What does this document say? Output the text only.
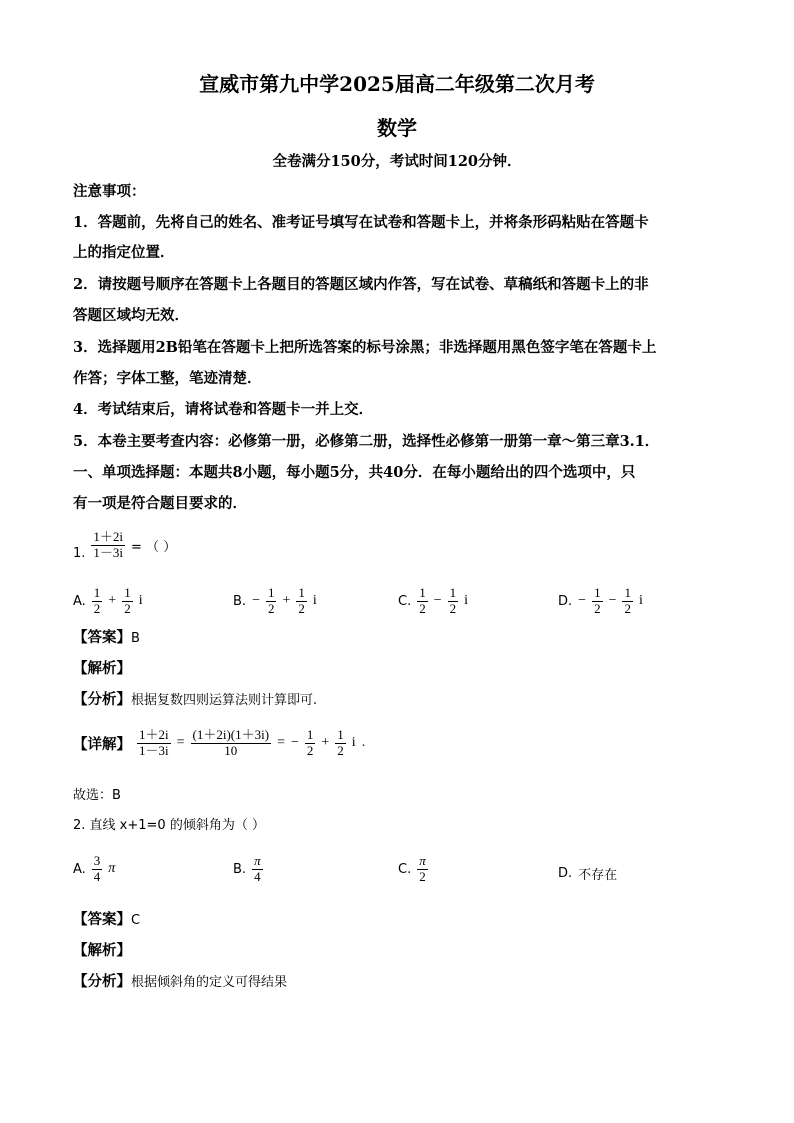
宣威市第九中学2025届高二年级第二次月考
数学
全卷满分150分，考试时间120分钟．
注意事项：
1．答题前，先将自己的姓名、准考证号填写在试卷和答题卡上，并将条形码粘贴在答题卡
上的指定位置．
2．请按题号顺序在答题卡上各题目的答题区域内作答，写在试卷、草稿纸和答题卡上的非
答题区域均无效．
3．选择题用2B铅笔在答题卡上把所选答案的标号涂黑；非选择题用黑色签字笔在答题卡上
作答；字体工整，笔迹清楚．
4．考试结束后，请将试卷和答题卡一并上交．
5．本卷主要考查内容：必修第一册，必修第二册，选择性必修第一册第一章～第三章3.1．
一、单项选择题：本题共8小题，每小题5分，共40分．在每小题给出的四个选项中，只
有一项是符合题目要求的．
1. $\frac{1+2i}{1-3i}$ = （ ）
A. $\frac{1}{2} + \frac{1}{2}$ i	B. − $\frac{1}{2} + \frac{1}{2}$ i	C. $\frac{1}{2} - \frac{1}{2}$ i	D. − $\frac{1}{2} - \frac{1}{2}$ i
【答案】B
【解析】
【分析】根据复数四则运算法则计算即可.
【详解】 $\frac{1+2i}{1-3i} = \frac{(1+2i)(1+3i)}{10}$ = − $\frac{1}{2} + \frac{1}{2}$ i .
故选：B
2. 直线 x+1=0 的倾斜角为（ ）
A. $\frac{3}{4}$ π	B. $\frac{\pi}{4}$	C. $\frac{\pi}{2}$	D. 不存在
【答案】C
【解析】
【分析】根据倾斜角的定义可得结果
